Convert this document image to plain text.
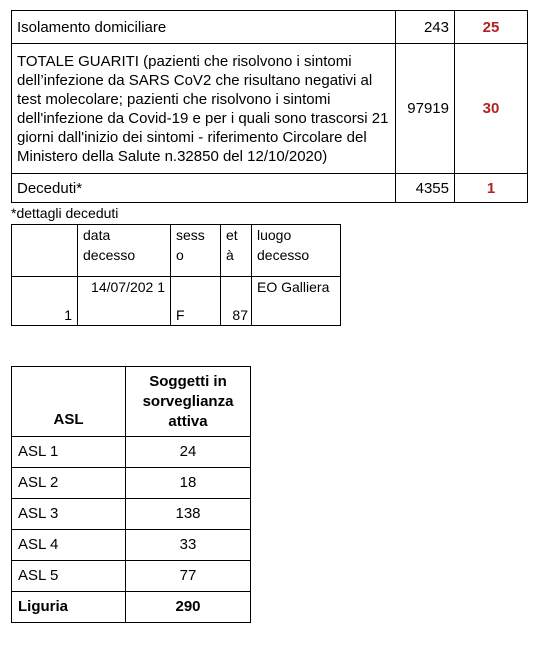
Isolamento domiciliare	243	25
TOTALE GUARITI (pazienti che risolvono i sintomi dell’infezione da SARS CoV2 che risultano negativi al test molecolare; pazienti che risolvono i sintomi dell'infezione da Covid-19 e per i quali sono trascorsi 21 giorni dall'inizio dei sintomi - riferimento Circolare del Ministero della Salute n.32850 del 12/10/2020)	97919	30
Deceduti*	4355	1
*dettagli deceduti
	data decesso	sess o	et à	luogo decesso
1	14/07/202 1	F	87	EO Galliera
ASL	Soggetti in sorveglianza attiva
ASL 1	24
ASL 2	18
ASL 3	138
ASL 4	33
ASL 5	77
Liguria	290
